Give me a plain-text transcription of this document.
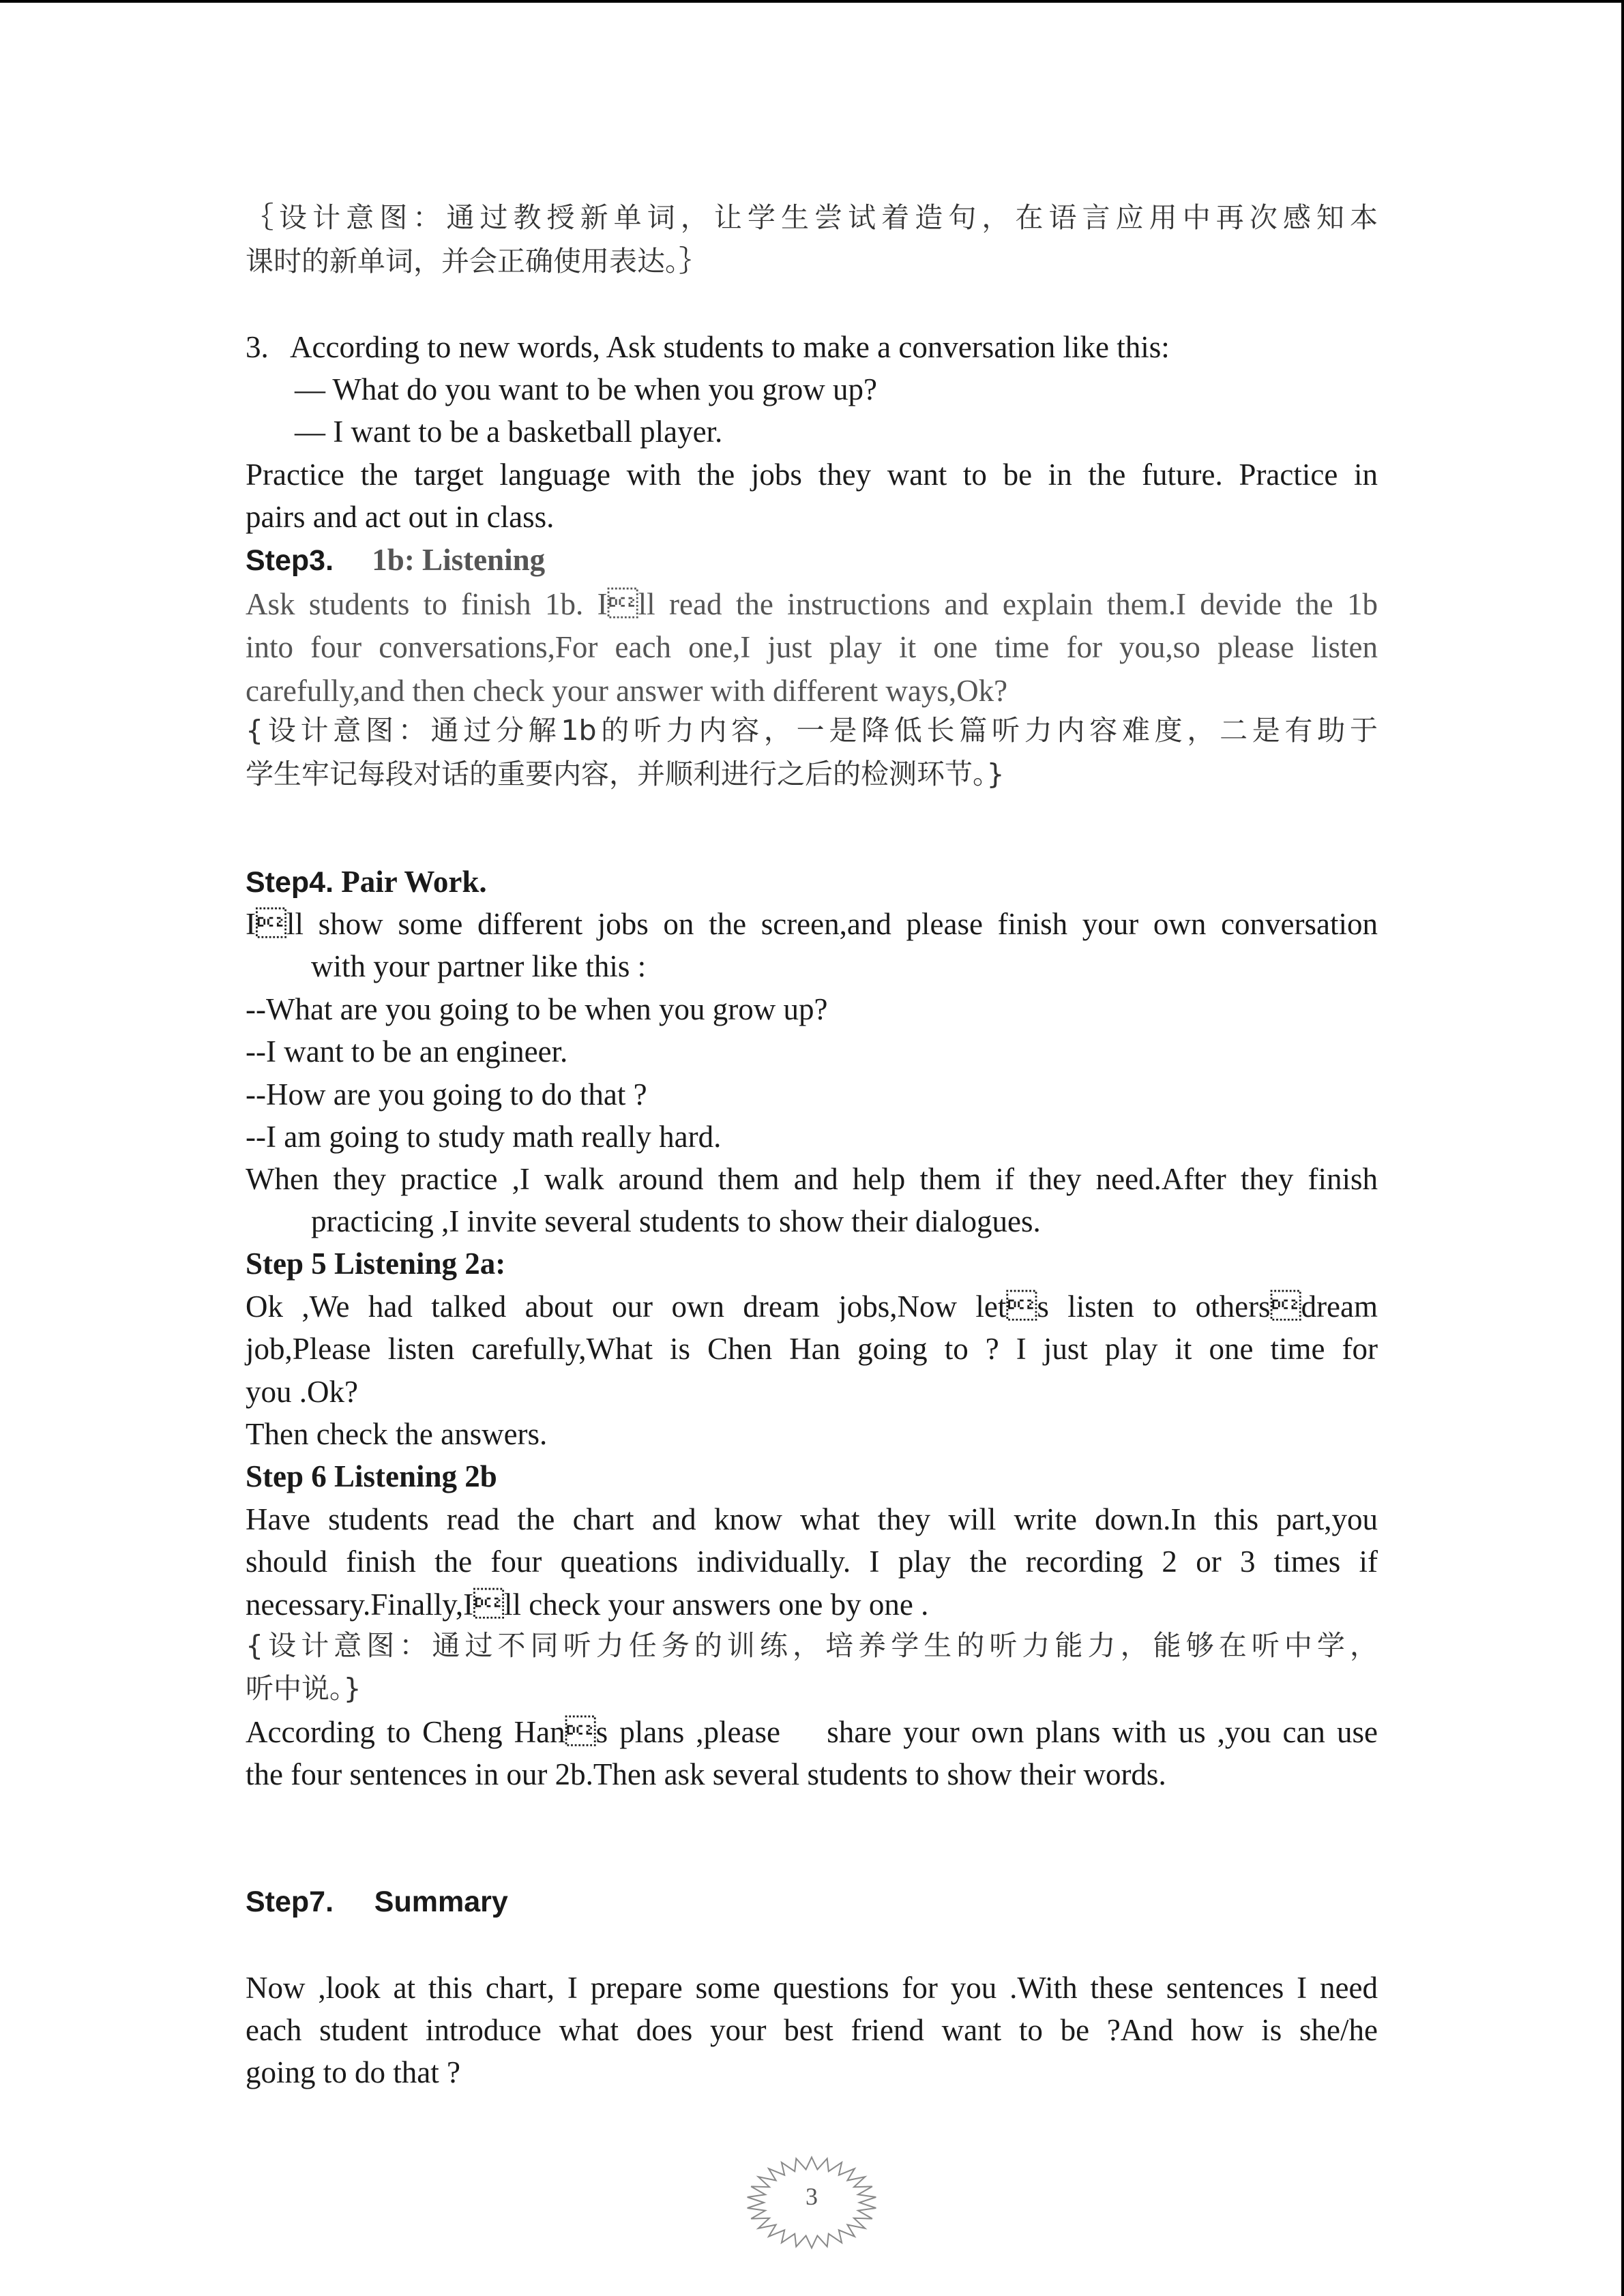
｛设计意图：通过教授新单词，让学生尝试着造句，在语言应用中再次感知本
课时的新单词，并会正确使用表达。｝
3.   According to new words, Ask students to make a conversation like this:
— What do you want to be when you grow up?
— I want to be a basketball player.
Practice the target language with the jobs they want to be in the future. Practice in
pairs and act out in class.
Step3. 1b: Listening
Ask students to finish 1b. Ill read the instructions and explain them.I devide the 1b
into four conversations,For each one,I just play it one time for you,so please listen
carefully,and then check your answer with different ways,Ok?
{设计意图：通过分解1b的听力内容，一是降低长篇听力内容难度，二是有助于
学生牢记每段对话的重要内容，并顺利进行之后的检测环节。}
Step4. Pair Work.
Ill show some different jobs on the screen,and please finish your own conversation
with your partner like this :
--What are you going to be when you grow up?
--I want to be an engineer.
--How are you going to do that ?
--I am going to study math really hard.
When they practice ,I walk around them and help them if they need.After they finish
practicing ,I invite several students to show their dialogues.
Step 5 Listening 2a:
Ok ,We had talked about our own dream jobs,Now lets listen to othersdream
job,Please listen carefully,What is Chen Han going to ? I just play it one time for
you .Ok?
Then check the answers.
Step 6 Listening 2b
Have students read the chart and know what they will write down.In this part,you
should finish the four queations individually. I play the recording 2 or 3 times if
necessary.Finally,Ill check your answers one by one .
{设计意图：通过不同听力任务的训练，培养学生的听力能力，能够在听中学，
听中说。}
According to Cheng Hans plans ,please    share your own plans with us ,you can use
the four sentences in our 2b.Then ask several students to show their words.
Step7. Summary
Now ,look at this chart, I prepare some questions for you .With these sentences I need
each student introduce what does your best friend want to be ?And how is she/he
going to do that ?
3
